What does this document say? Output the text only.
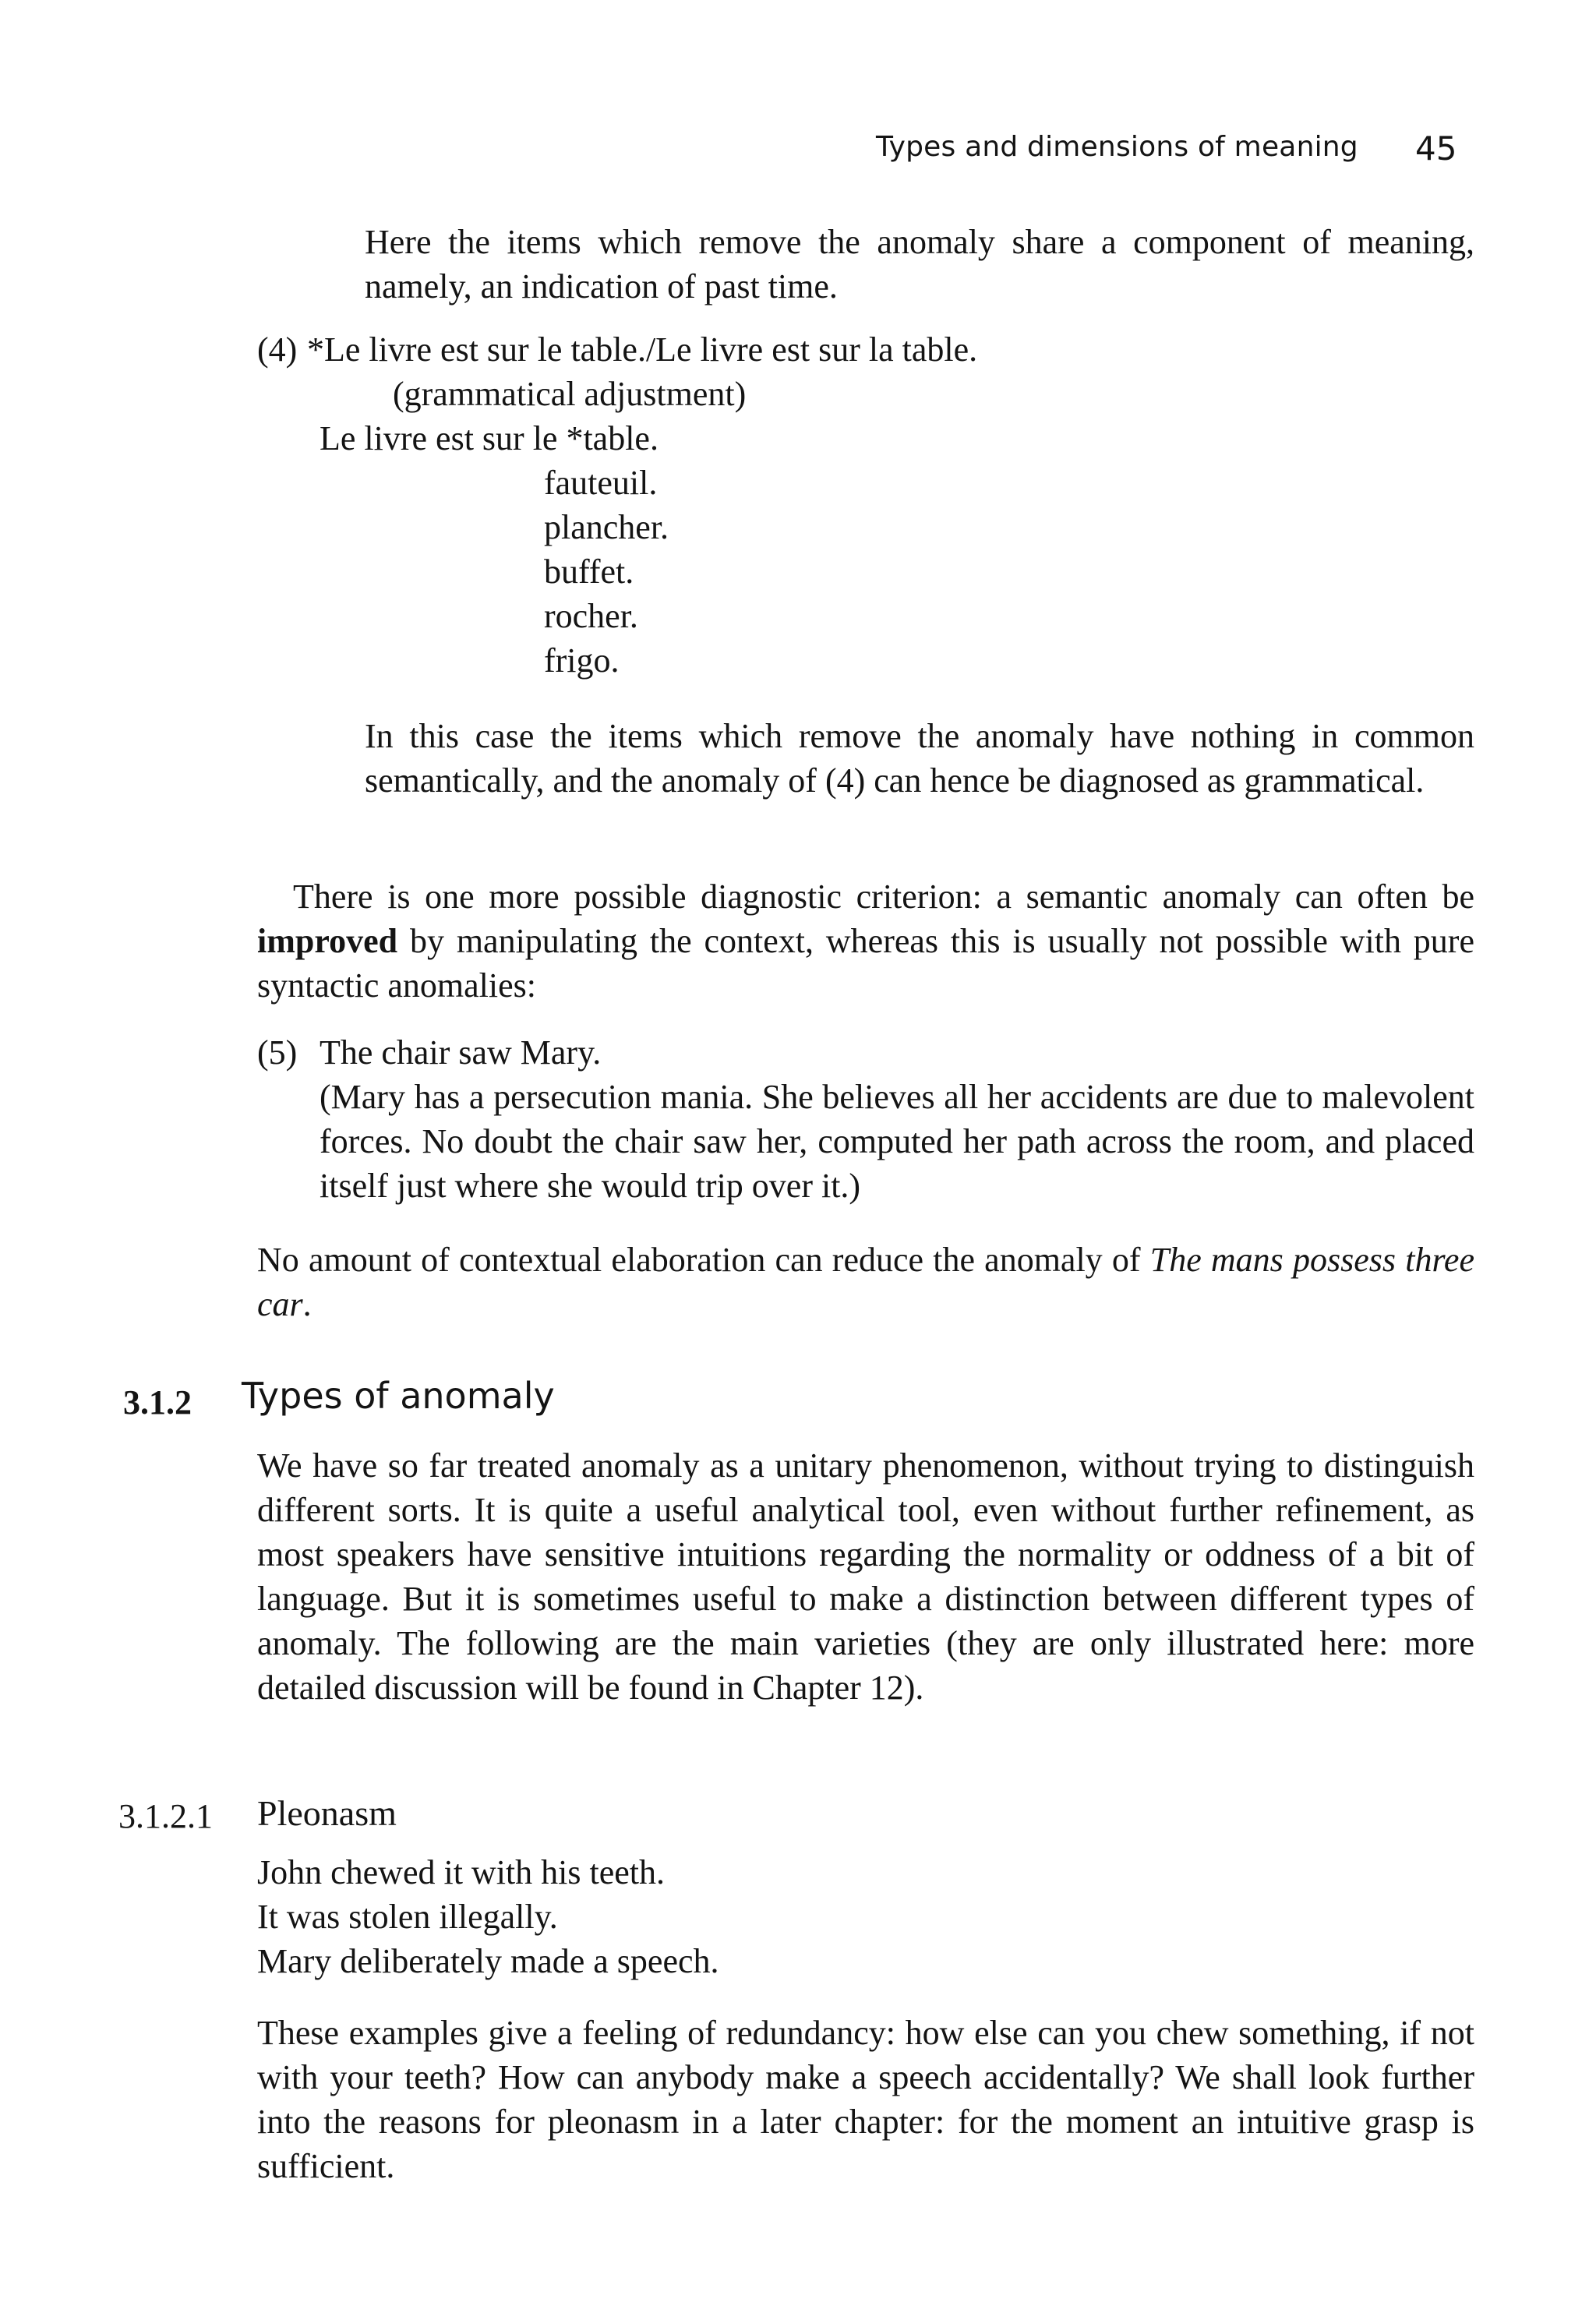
Types and dimensions of meaning 45

Here the items which remove the anomaly share a component of meaning, namely, an indication of past time.

(4) *Le livre est sur le table./Le livre est sur la table.
(grammatical adjustment)
Le livre est sur le *table.
fauteuil.
plancher.
buffet.
rocher.
frigo.

In this case the items which remove the anomaly have nothing in common semantically, and the anomaly of (4) can hence be diagnosed as grammatical.

There is one more possible diagnostic criterion: a semantic anomaly can often be improved by manipulating the context, whereas this is usually not possible with pure syntactic anomalies:

(5) The chair saw Mary.

(Mary has a persecution mania. She believes all her accidents are due to malevolent forces. No doubt the chair saw her, computed her path across the room, and placed itself just where she would trip over it.)

No amount of contextual elaboration can reduce the anomaly of The mans possess three car.

3.1.2 Types of anomaly

We have so far treated anomaly as a unitary phenomenon, without trying to distinguish different sorts. It is quite a useful analytical tool, even without further refinement, as most speakers have sensitive intuitions regarding the normality or oddness of a bit of language. But it is sometimes useful to make a distinction between different types of anomaly. The following are the main varieties (they are only illustrated here: more detailed discussion will be found in Chapter 12).

3.1.2.1 Pleonasm
John chewed it with his teeth.
It was stolen illegally.
Mary deliberately made a speech.

These examples give a feeling of redundancy: how else can you chew something, if not with your teeth? How can anybody make a speech accidentally? We shall look further into the reasons for pleonasm in a later chapter: for the moment an intuitive grasp is sufficient.
